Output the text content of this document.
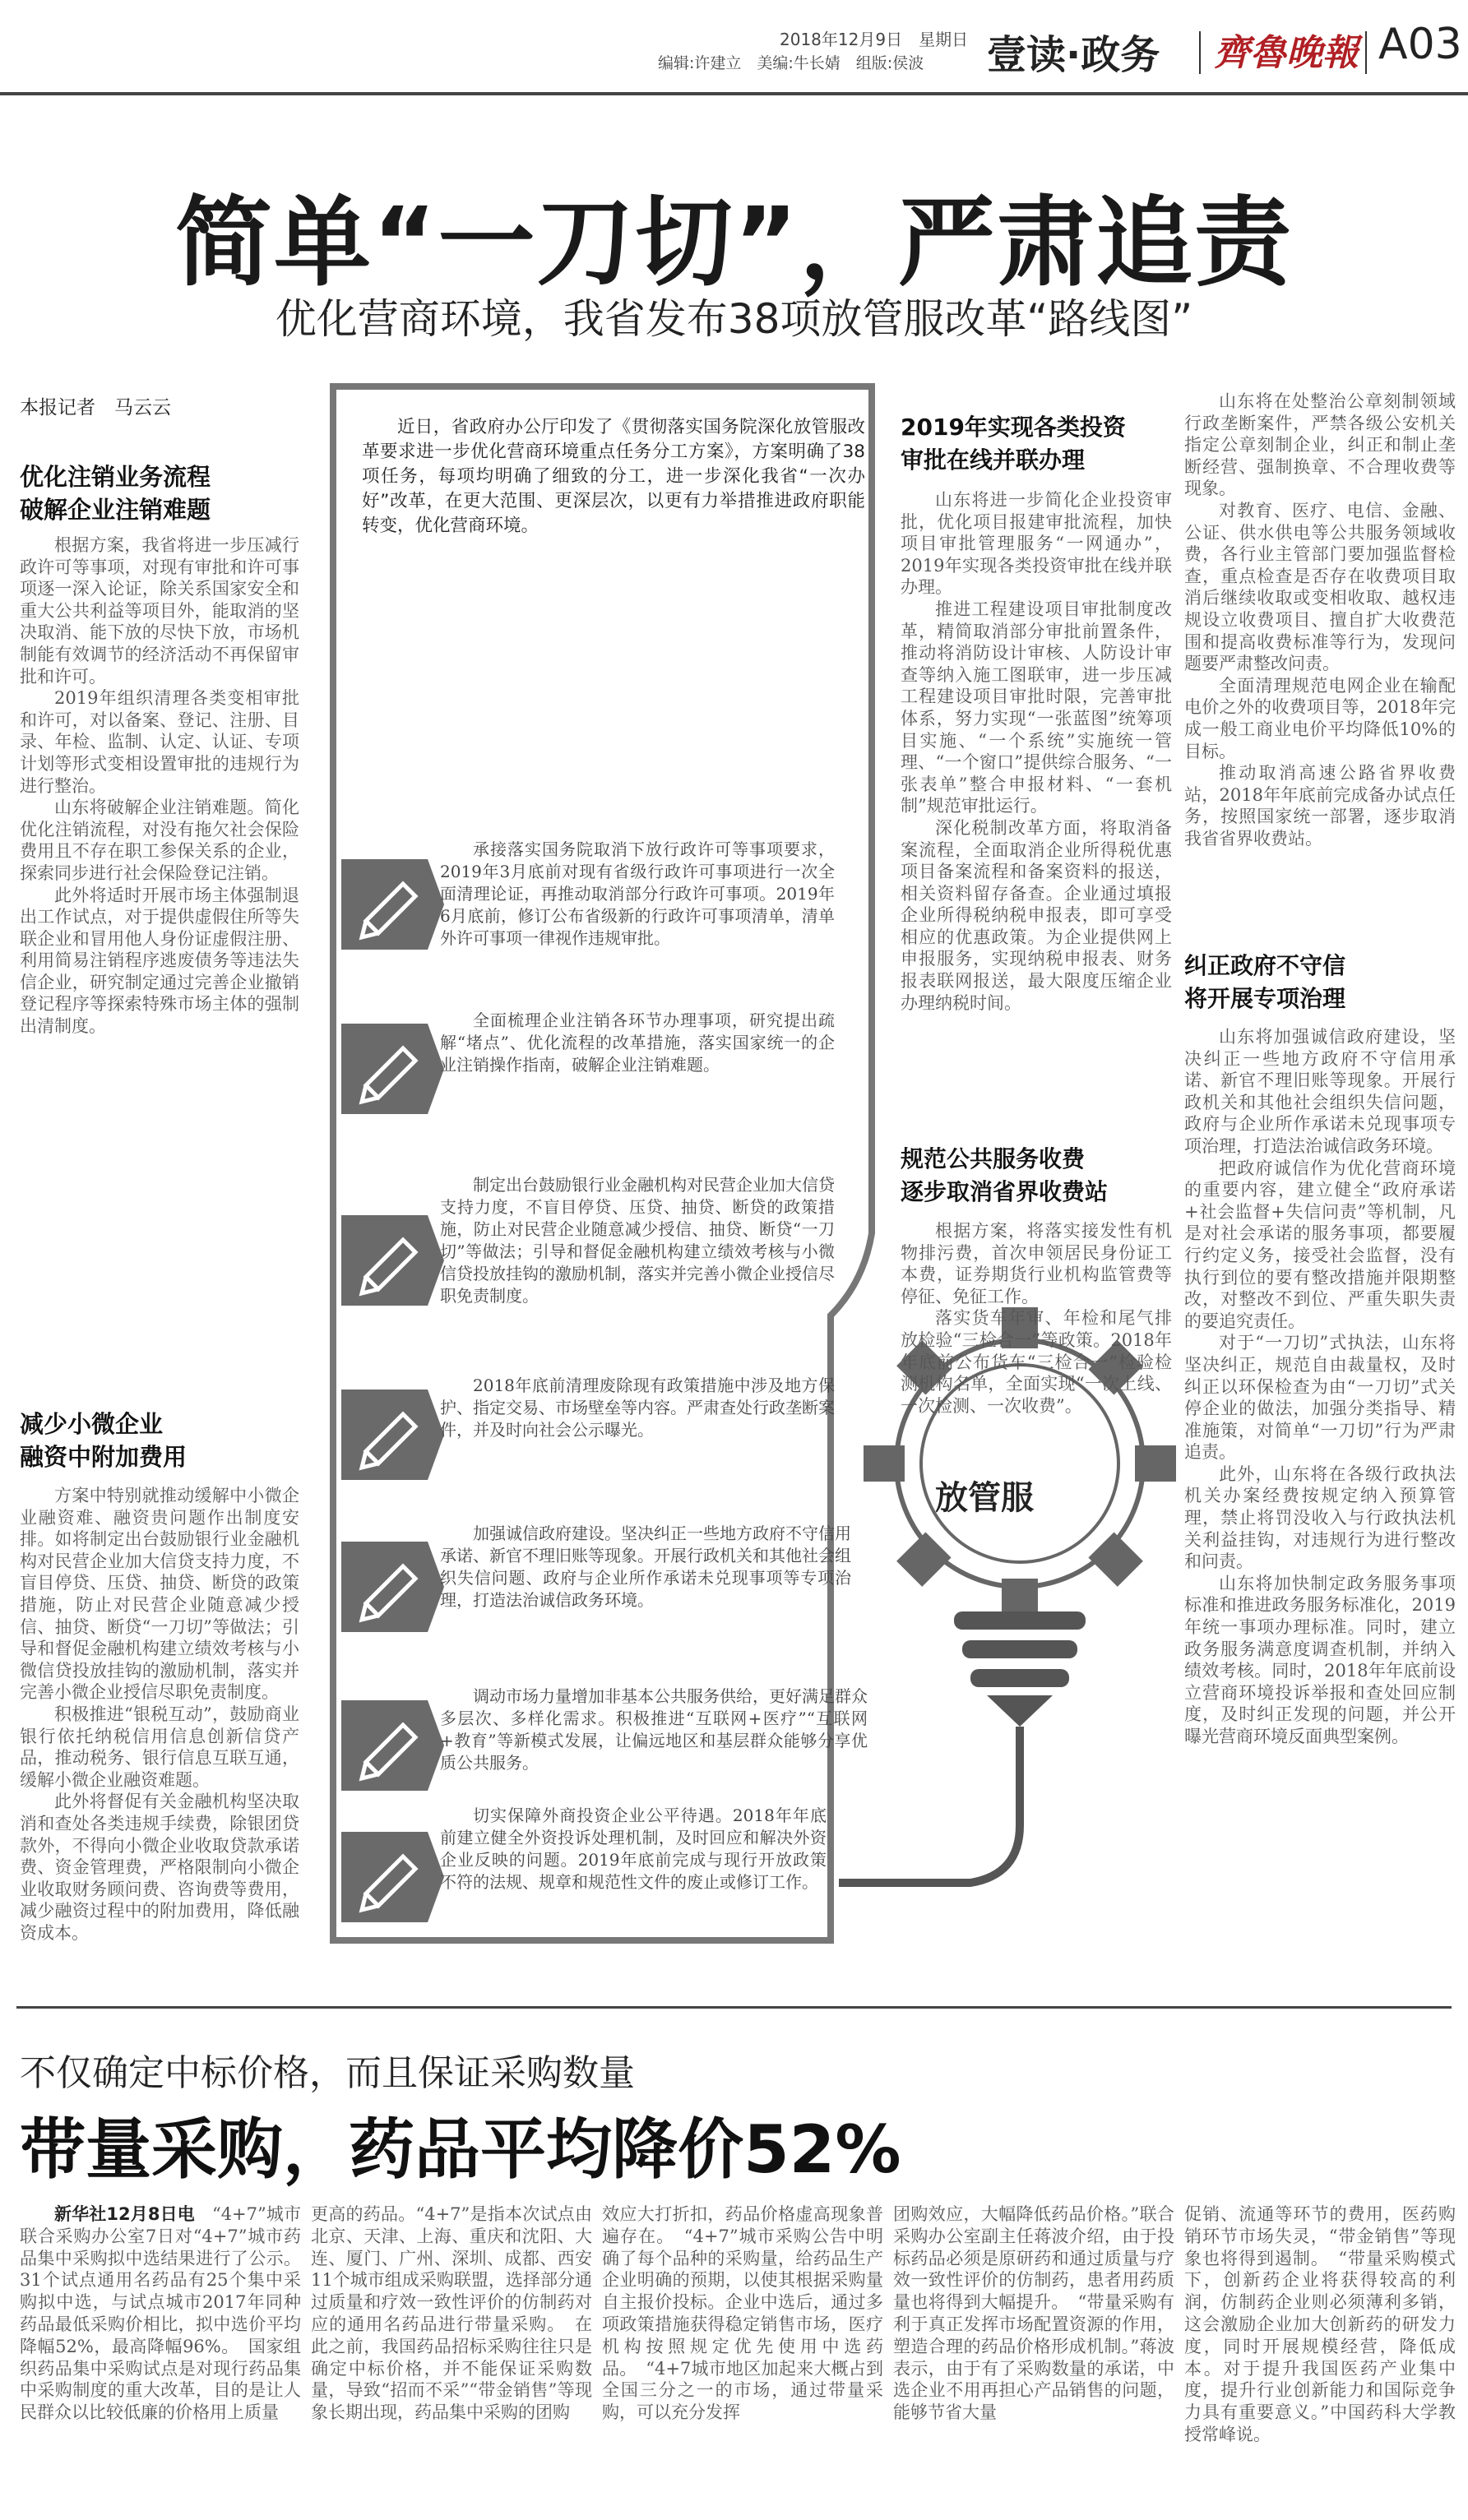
2018年12月9日　星期日
编辑:许建立　美编:牛长婧　组版:侯波 壹读·政务 齊魯晚報 A03
简单“一刀切”，严肃追责
优化营商环境，我省发布38项放管服改革“路线图”
本报记者　马云云
优化注销业务流程
破解企业注销难题

根据方案，我省将进一步压减行政许可等事项，对现有审批和许可事项逐一深入论证，除关系国家安全和重大公共利益等项目外，能取消的坚决取消、能下放的尽快下放，市场机制能有效调节的经济活动不再保留审批和许可。

2019年组织清理各类变相审批和许可，对以备案、登记、注册、目录、年检、监制、认定、认证、专项计划等形式变相设置审批的违规行为进行整治。

山东将破解企业注销难题。简化优化注销流程，对没有拖欠社会保险费用且不存在职工参保关系的企业，探索同步进行社会保险登记注销。

此外将适时开展市场主体强制退出工作试点，对于提供虚假住所等失联企业和冒用他人身份证虚假注册、利用简易注销程序逃废债务等违法失信企业，研究制定通过完善企业撤销登记程序等探索特殊市场主体的强制出清制度。

减少小微企业
融资中附加费用

方案中特别就推动缓解中小微企业融资难、融资贵问题作出制度安排。如将制定出台鼓励银行业金融机构对民营企业加大信贷支持力度，不盲目停贷、压贷、抽贷、断贷的政策措施，防止对民营企业随意减少授信、抽贷、断贷“一刀切”等做法；引导和督促金融机构建立绩效考核与小微信贷投放挂钩的激励机制，落实并完善小微企业授信尽职免责制度。

积极推进“银税互动”，鼓励商业银行依托纳税信用信息创新信贷产品，推动税务、银行信息互联互通，缓解小微企业融资难题。

此外将督促有关金融机构坚决取消和查处各类违规手续费，除银团贷款外，不得向小微企业收取贷款承诺费、资金管理费，严格限制向小微企业收取财务顾问费、咨询费等费用，减少融资过程中的附加费用，降低融资成本。

近日，省政府办公厅印发了《贯彻落实国务院深化放管服改革要求进一步优化营商环境重点任务分工方案》，方案明确了38项任务，每项均明确了细致的分工，进一步深化我省“一次办好”改革，在更大范围、更深层次，以更有力举措推进政府职能转变，优化营商环境。

承接落实国务院取消下放行政许可等事项要求，2019年3月底前对现有省级行政许可事项进行一次全面清理论证，再推动取消部分行政许可事项。2019年6月底前，修订公布省级新的行政许可事项清单，清单外许可事项一律视作违规审批。

全面梳理企业注销各环节办理事项，研究提出疏解“堵点”、优化流程的改革措施，落实国家统一的企业注销操作指南，破解企业注销难题。

制定出台鼓励银行业金融机构对民营企业加大信贷支持力度，不盲目停贷、压贷、抽贷、断贷的政策措施，防止对民营企业随意减少授信、抽贷、断贷“一刀切”等做法；引导和督促金融机构建立绩效考核与小微信贷投放挂钩的激励机制，落实并完善小微企业授信尽职免责制度。

2018年底前清理废除现有政策措施中涉及地方保护、指定交易、市场壁垒等内容。严肃查处行政垄断案件，并及时向社会公示曝光。

加强诚信政府建设。坚决纠正一些地方政府不守信用承诺、新官不理旧账等现象。开展行政机关和其他社会组织失信问题、政府与企业所作承诺未兑现事项等专项治理，打造法治诚信政务环境。

调动市场力量增加非基本公共服务供给，更好满足群众多层次、多样化需求。积极推进“互联网+医疗”“互联网+教育”等新模式发展，让偏远地区和基层群众能够分享优质公共服务。

切实保障外商投资企业公平待遇。2018年年底前建立健全外资投诉处理机制，及时回应和解决外资企业反映的问题。2019年底前完成与现行开放政策不符的法规、规章和规范性文件的废止或修订工作。

放管服
2019年实现各类投资
审批在线并联办理

山东将进一步简化企业投资审批，优化项目报建审批流程，加快项目审批管理服务“一网通办”，2019年实现各类投资审批在线并联办理。

推进工程建设项目审批制度改革，精简取消部分审批前置条件，推动将消防设计审核、人防设计审查等纳入施工图联审，进一步压减工程建设项目审批时限，完善审批体系，努力实现“一张蓝图”统筹项目实施、“一个系统”实施统一管理、“一个窗口”提供综合服务、“一张表单”整合申报材料、“一套机制”规范审批运行。

深化税制改革方面，将取消备案流程，全面取消企业所得税优惠项目备案流程和备案资料的报送，相关资料留存备查。企业通过填报企业所得税纳税申报表，即可享受相应的优惠政策。为企业提供网上申报服务，实现纳税申报表、财务报表联网报送，最大限度压缩企业办理纳税时间。

规范公共服务收费
逐步取消省界收费站

根据方案，将落实接发性有机物排污费，首次申领居民身份证工本费，证券期货行业机构监管费等停征、免征工作。

落实货车年审、年检和尾气排放检验“三检合一”等政策。2018年年底前公布货车“三检合一”检验检测机构名单，全面实现“一次上线、一次检测、一次收费”。

山东将在处整治公章刻制领域行政垄断案件，严禁各级公安机关指定公章刻制企业，纠正和制止垄断经营、强制换章、不合理收费等现象。

对教育、医疗、电信、金融、公证、供水供电等公共服务领域收费，各行业主管部门要加强监督检查，重点检查是否存在收费项目取消后继续收取或变相收取、越权违规设立收费项目、擅自扩大收费范围和提高收费标准等行为，发现问题要严肃整改问责。

全面清理规范电网企业在输配电价之外的收费项目等，2018年完成一般工商业电价平均降低10%的目标。

推动取消高速公路省界收费站，2018年年底前完成备办试点任务，按照国家统一部署，逐步取消我省省界收费站。

纠正政府不守信
将开展专项治理

山东将加强诚信政府建设，坚决纠正一些地方政府不守信用承诺、新官不理旧账等现象。开展行政机关和其他社会组织失信问题，政府与企业所作承诺未兑现事项专项治理，打造法治诚信政务环境。

把政府诚信作为优化营商环境的重要内容，建立健全“政府承诺+社会监督+失信问责”等机制，凡是对社会承诺的服务事项，都要履行约定义务，接受社会监督，没有执行到位的要有整改措施并限期整改，对整改不到位、严重失职失责的要追究责任。

对于“一刀切”式执法，山东将坚决纠正，规范自由裁量权，及时纠正以环保检查为由“一刀切”式关停企业的做法，加强分类指导、精准施策，对简单“一刀切”行为严肃追责。

此外，山东将在各级行政执法机关办案经费按规定纳入预算管理，禁止将罚没收入与行政执法机关利益挂钩，对违规行为进行整改和问责。

山东将加快制定政务服务事项标准和推进政务服务标准化，2019年统一事项办理标准。同时，建立政务服务满意度调查机制，并纳入绩效考核。同时，2018年年底前设立营商环境投诉举报和查处回应制度，及时纠正发现的问题，并公开曝光营商环境反面典型案例。

不仅确定中标价格，而且保证采购数量
带量采购，药品平均降价52%

新华社12月8日电　 “4+7”城市联合采购办公室7日对“4+7”城市药品集中采购拟中选结果进行了公示。31个试点通用名药品有25个集中采购拟中选，与试点城市2017年同种药品最低采购价相比，拟中选价平均降幅52%，最高降幅96%。　国家组织药品集中采购试点是对现行药品集中采购制度的重大改革，目的是让人民群众以比较低廉的价格用上质量

更高的药品。“4+7”是指本次试点由北京、天津、上海、重庆和沈阳、大连、厦门、广州、深圳、成都、西安11个城市组成采购联盟，选择部分通过质量和疗效一致性评价的仿制药对应的通用名药品进行带量采购。　在此之前，我国药品招标采购往往只是确定中标价格，并不能保证采购数量，导致“招而不采”“带金销售”等现象长期出现，药品集中采购的团购

效应大打折扣，药品价格虚高现象普遍存在。　“4+7”城市采购公告中明确了每个品种的采购量，给药品生产企业明确的预期，以使其根据采购量自主报价投标。企业中选后，通过多项政策措施获得稳定销售市场，医疗机构按照规定优先使用中选药品。　“4+7城市地区加起来大概占到全国三分之一的市场，通过带量采购，可以充分发挥

团购效应，大幅降低药品价格。”联合采购办公室副主任蒋波介绍，由于投标药品必须是原研药和通过质量与疗效一致性评价的仿制药，患者用药质量也将得到大幅提升。　“带量采购有利于真正发挥市场配置资源的作用，塑造合理的药品价格形成机制。”蒋波表示，由于有了采购数量的承诺，中选企业不用再担心产品销售的问题，能够节省大量

促销、流通等环节的费用，医药购销环节市场失灵，“带金销售”等现象也将得到遏制。　“带量采购模式下，创新药企业将获得较高的利润，仿制药企业则必须薄利多销，这会激励企业加大创新药的研发力度，同时开展规模经营，降低成本。对于提升我国医药产业集中度，提升行业创新能力和国际竞争力具有重要意义。”中国药科大学教授常峰说。
